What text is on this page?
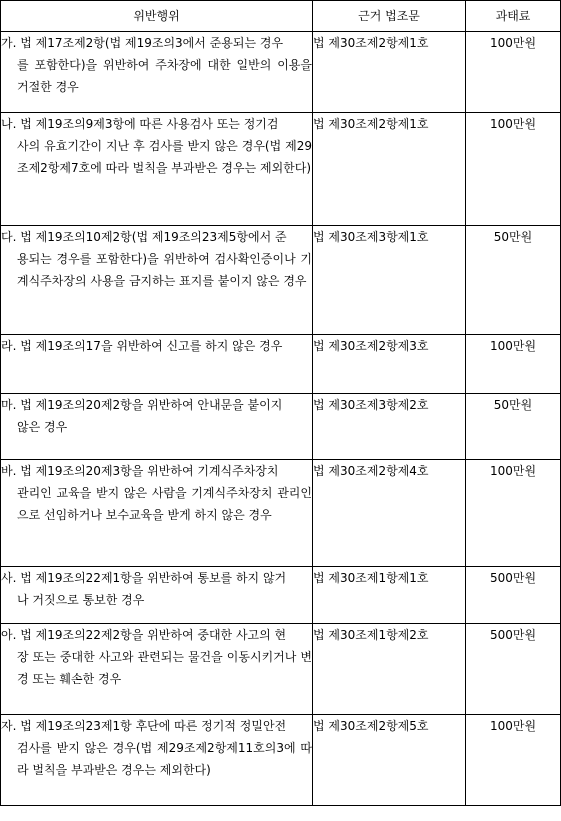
위반행위	근거 법조문	과태료

가. 법 제17조제2항(법 제19조의3에서 준용되는 경우
를 포함한다)을 위반하여 주차장에 대한 일반의 이용을 거절한 경우	법 제30조제2항제1호	100만원

나. 법 제19조의9제3항에 따른 사용검사 또는 정기검
사의 유효기간이 지난 후 검사를 받지 않은 경우(법 제29조제2항제7호에 따라 벌칙을 부과받은 경우는 제외한다)	법 제30조제2항제1호	100만원

다. 법 제19조의10제2항(법 제19조의23제5항에서 준
용되는 경우를 포함한다)을 위반하여 검사확인증이나 기계식주차장의 사용을 금지하는 표지를 붙이지 않은 경우	법 제30조제3항제1호	50만원

라. 법 제19조의17을 위반하여 신고를 하지 않은 경우	법 제30조제2항제3호	100만원

마. 법 제19조의20제2항을 위반하여 안내문을 붙이지
않은 경우	법 제30조제3항제2호	50만원

바. 법 제19조의20제3항을 위반하여 기계식주차장치
관리인 교육을 받지 않은 사람을 기계식주차장치 관리인으로 선임하거나 보수교육을 받게 하지 않은 경우	법 제30조제2항제4호	100만원

사. 법 제19조의22제1항을 위반하여 통보를 하지 않거
나 거짓으로 통보한 경우	법 제30조제1항제1호	500만원

아. 법 제19조의22제2항을 위반하여 중대한 사고의 현
장 또는 중대한 사고와 관련되는 물건을 이동시키거나 변경 또는 훼손한 경우	법 제30조제1항제2호	500만원

자. 법 제19조의23제1항 후단에 따른 정기적 정밀안전
검사를 받지 않은 경우(법 제29조제2항제11호의3에 따라 벌칙을 부과받은 경우는 제외한다)	법 제30조제2항제5호	100만원
